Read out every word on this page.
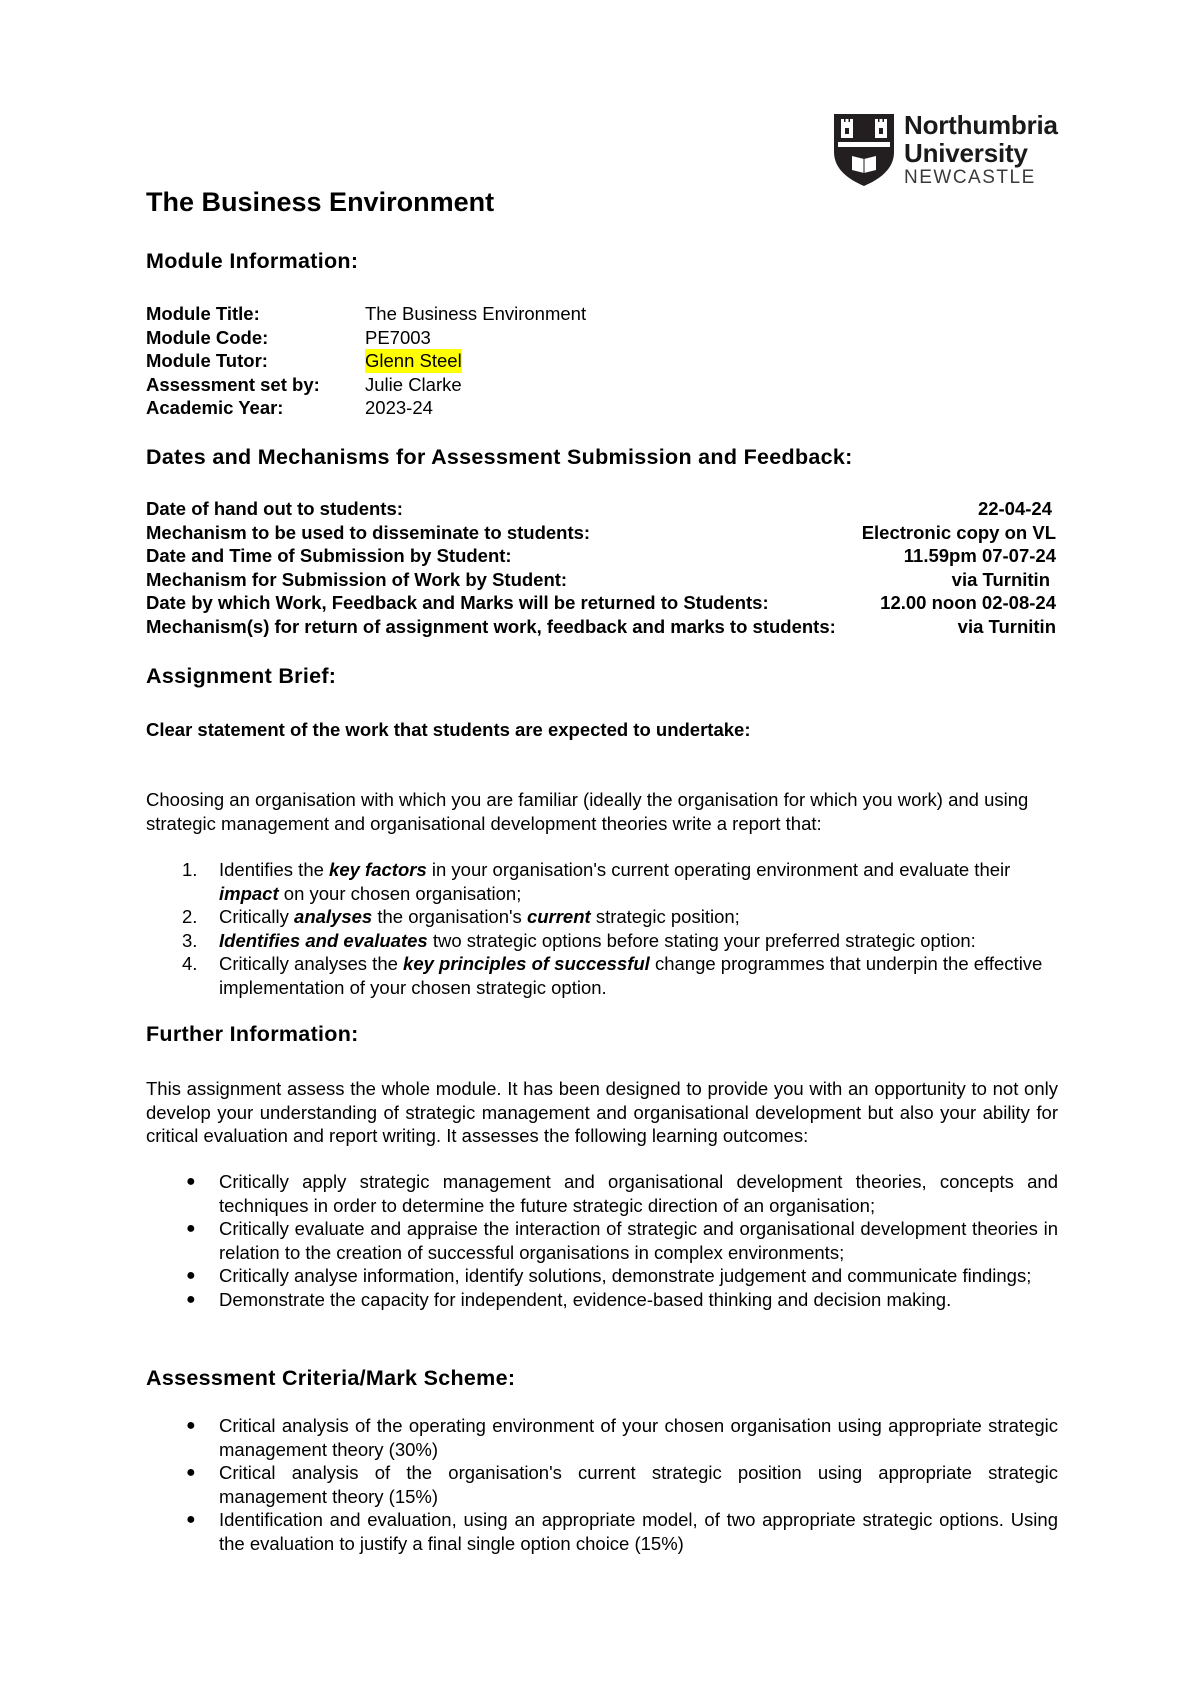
Northumbria
University
NEWCASTLE
The Business Environment
Module Information:
Module Title:	The Business Environment
Module Code:	PE7003
Module Tutor:	Glenn Steel
Assessment set by: Julie Clarke
Academic Year:	2023-24
Dates and Mechanisms for Assessment Submission and Feedback:
Date of hand out to students:	22-04-24
Mechanism to be used to disseminate to students:	Electronic copy on VL
Date and Time of Submission by Student:	11.59pm 07-07-24
Mechanism for Submission of Work by Student:	via Turnitin
Date by which Work, Feedback and Marks will be returned to Students:	12.00 noon 02-08-24
Mechanism(s) for return of assignment work, feedback and marks to students:	via Turnitin
Assignment Brief:
Clear statement of the work that students are expected to undertake:

Choosing an organisation with which you are familiar (ideally the organisation for which you work) and using strategic management and organisational development theories write a report that:

1. Identifies the key factors in your organisation's current operating environment and evaluate their impact on your chosen organisation;
2. Critically analyses the organisation's current strategic position;
3. Identifies and evaluates two strategic options before stating your preferred strategic option:
4. Critically analyses the key principles of successful change programmes that underpin the effective implementation of your chosen strategic option.
Further Information:

This assignment assess the whole module. It has been designed to provide you with an opportunity to not only develop your understanding of strategic management and organisational development but also your ability for critical evaluation and report writing. It assesses the following learning outcomes:

● Critically apply strategic management and organisational development theories, concepts and techniques in order to determine the future strategic direction of an organisation;
● Critically evaluate and appraise the interaction of strategic and organisational development theories in relation to the creation of successful organisations in complex environments;
● Critically analyse information, identify solutions, demonstrate judgement and communicate findings;
● Demonstrate the capacity for independent, evidence-based thinking and decision making.
Assessment Criteria/Mark Scheme:
● Critical analysis of the operating environment of your chosen organisation using appropriate strategic management theory (30%)
● Critical analysis of the organisation's current strategic position using appropriate strategic management theory (15%)
● Identification and evaluation, using an appropriate model, of two appropriate strategic options. Using the evaluation to justify a final single option choice (15%)
